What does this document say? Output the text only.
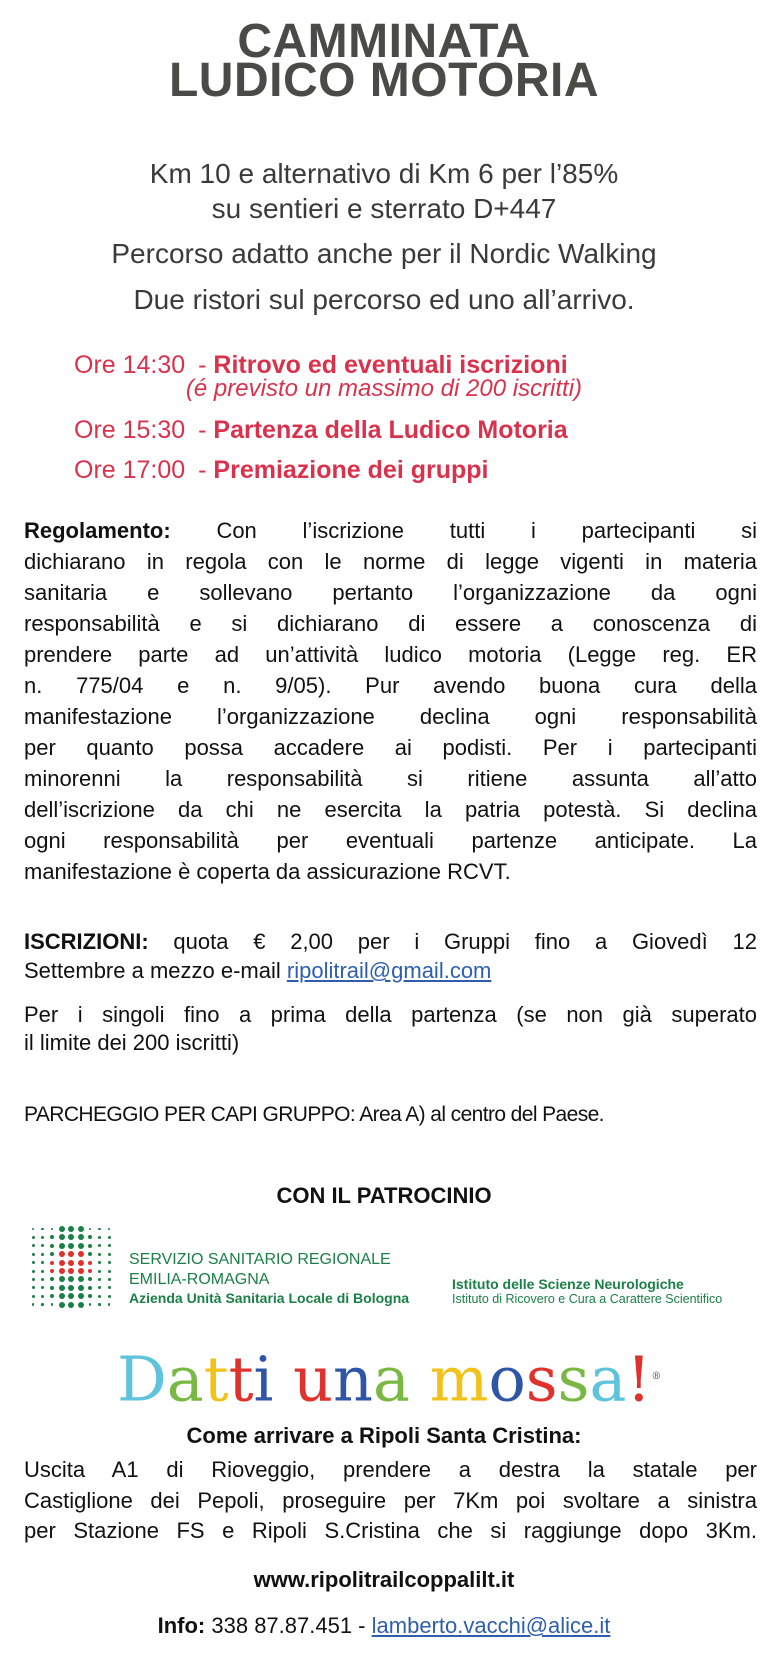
CAMMINATA
LUDICO MOTORIA
Km 10 e alternativo di Km 6 per l’85%
su sentieri e sterrato D+447
Percorso adatto anche per il Nordic Walking
Due ristori sul percorso ed uno all’arrivo.
Ore 14:30 - Ritrovo ed eventuali iscrizioni
(é previsto un massimo di 200 iscritti)
Ore 15:30 - Partenza della Ludico Motoria
Ore 17:00 - Premiazione dei gruppi
Regolamento: Con l’iscrizione tutti i partecipanti si
dichiarano in regola con le norme di legge vigenti in materia
sanitaria e sollevano pertanto l’organizzazione da ogni
responsabilità e si dichiarano di essere a conoscenza di
prendere parte ad un’attività ludico motoria (Legge reg. ER
n. 775/04 e n. 9/05). Pur avendo buona cura della
manifestazione l’organizzazione declina ogni responsabilità
per quanto possa accadere ai podisti. Per i partecipanti
minorenni la responsabilità si ritiene assunta all’atto
dell’iscrizione da chi ne esercita la patria potestà. Si declina
ogni responsabilità per eventuali partenze anticipate. La
manifestazione è coperta da assicurazione RCVT.
ISCRIZIONI: quota € 2,00 per i Gruppi fino a Giovedì 12
Settembre a mezzo e-mail ripolitrail@gmail.com
Per i singoli fino a prima della partenza (se non già superato
il limite dei 200 iscritti)
PARCHEGGIO PER CAPI GRUPPO: Area A) al centro del Paese.
CON IL PATROCINIO
SERVIZIO SANITARIO REGIONALE
EMILIA-ROMAGNA
Azienda Unità Sanitaria Locale di Bologna
Istituto delle Scienze Neurologiche
Istituto di Ricovero e Cura a Carattere Scientifico
Datti una mossa!®
Come arrivare a Ripoli Santa Cristina:
Uscita A1 di Rioveggio, prendere a destra la statale per
Castiglione dei Pepoli, proseguire per 7Km poi svoltare a sinistra
per Stazione FS e Ripoli S.Cristina che si raggiunge dopo 3Km.
www.ripolitrailcoppalilt.it
Info: 338 87.87.451 - lamberto.vacchi@alice.it
